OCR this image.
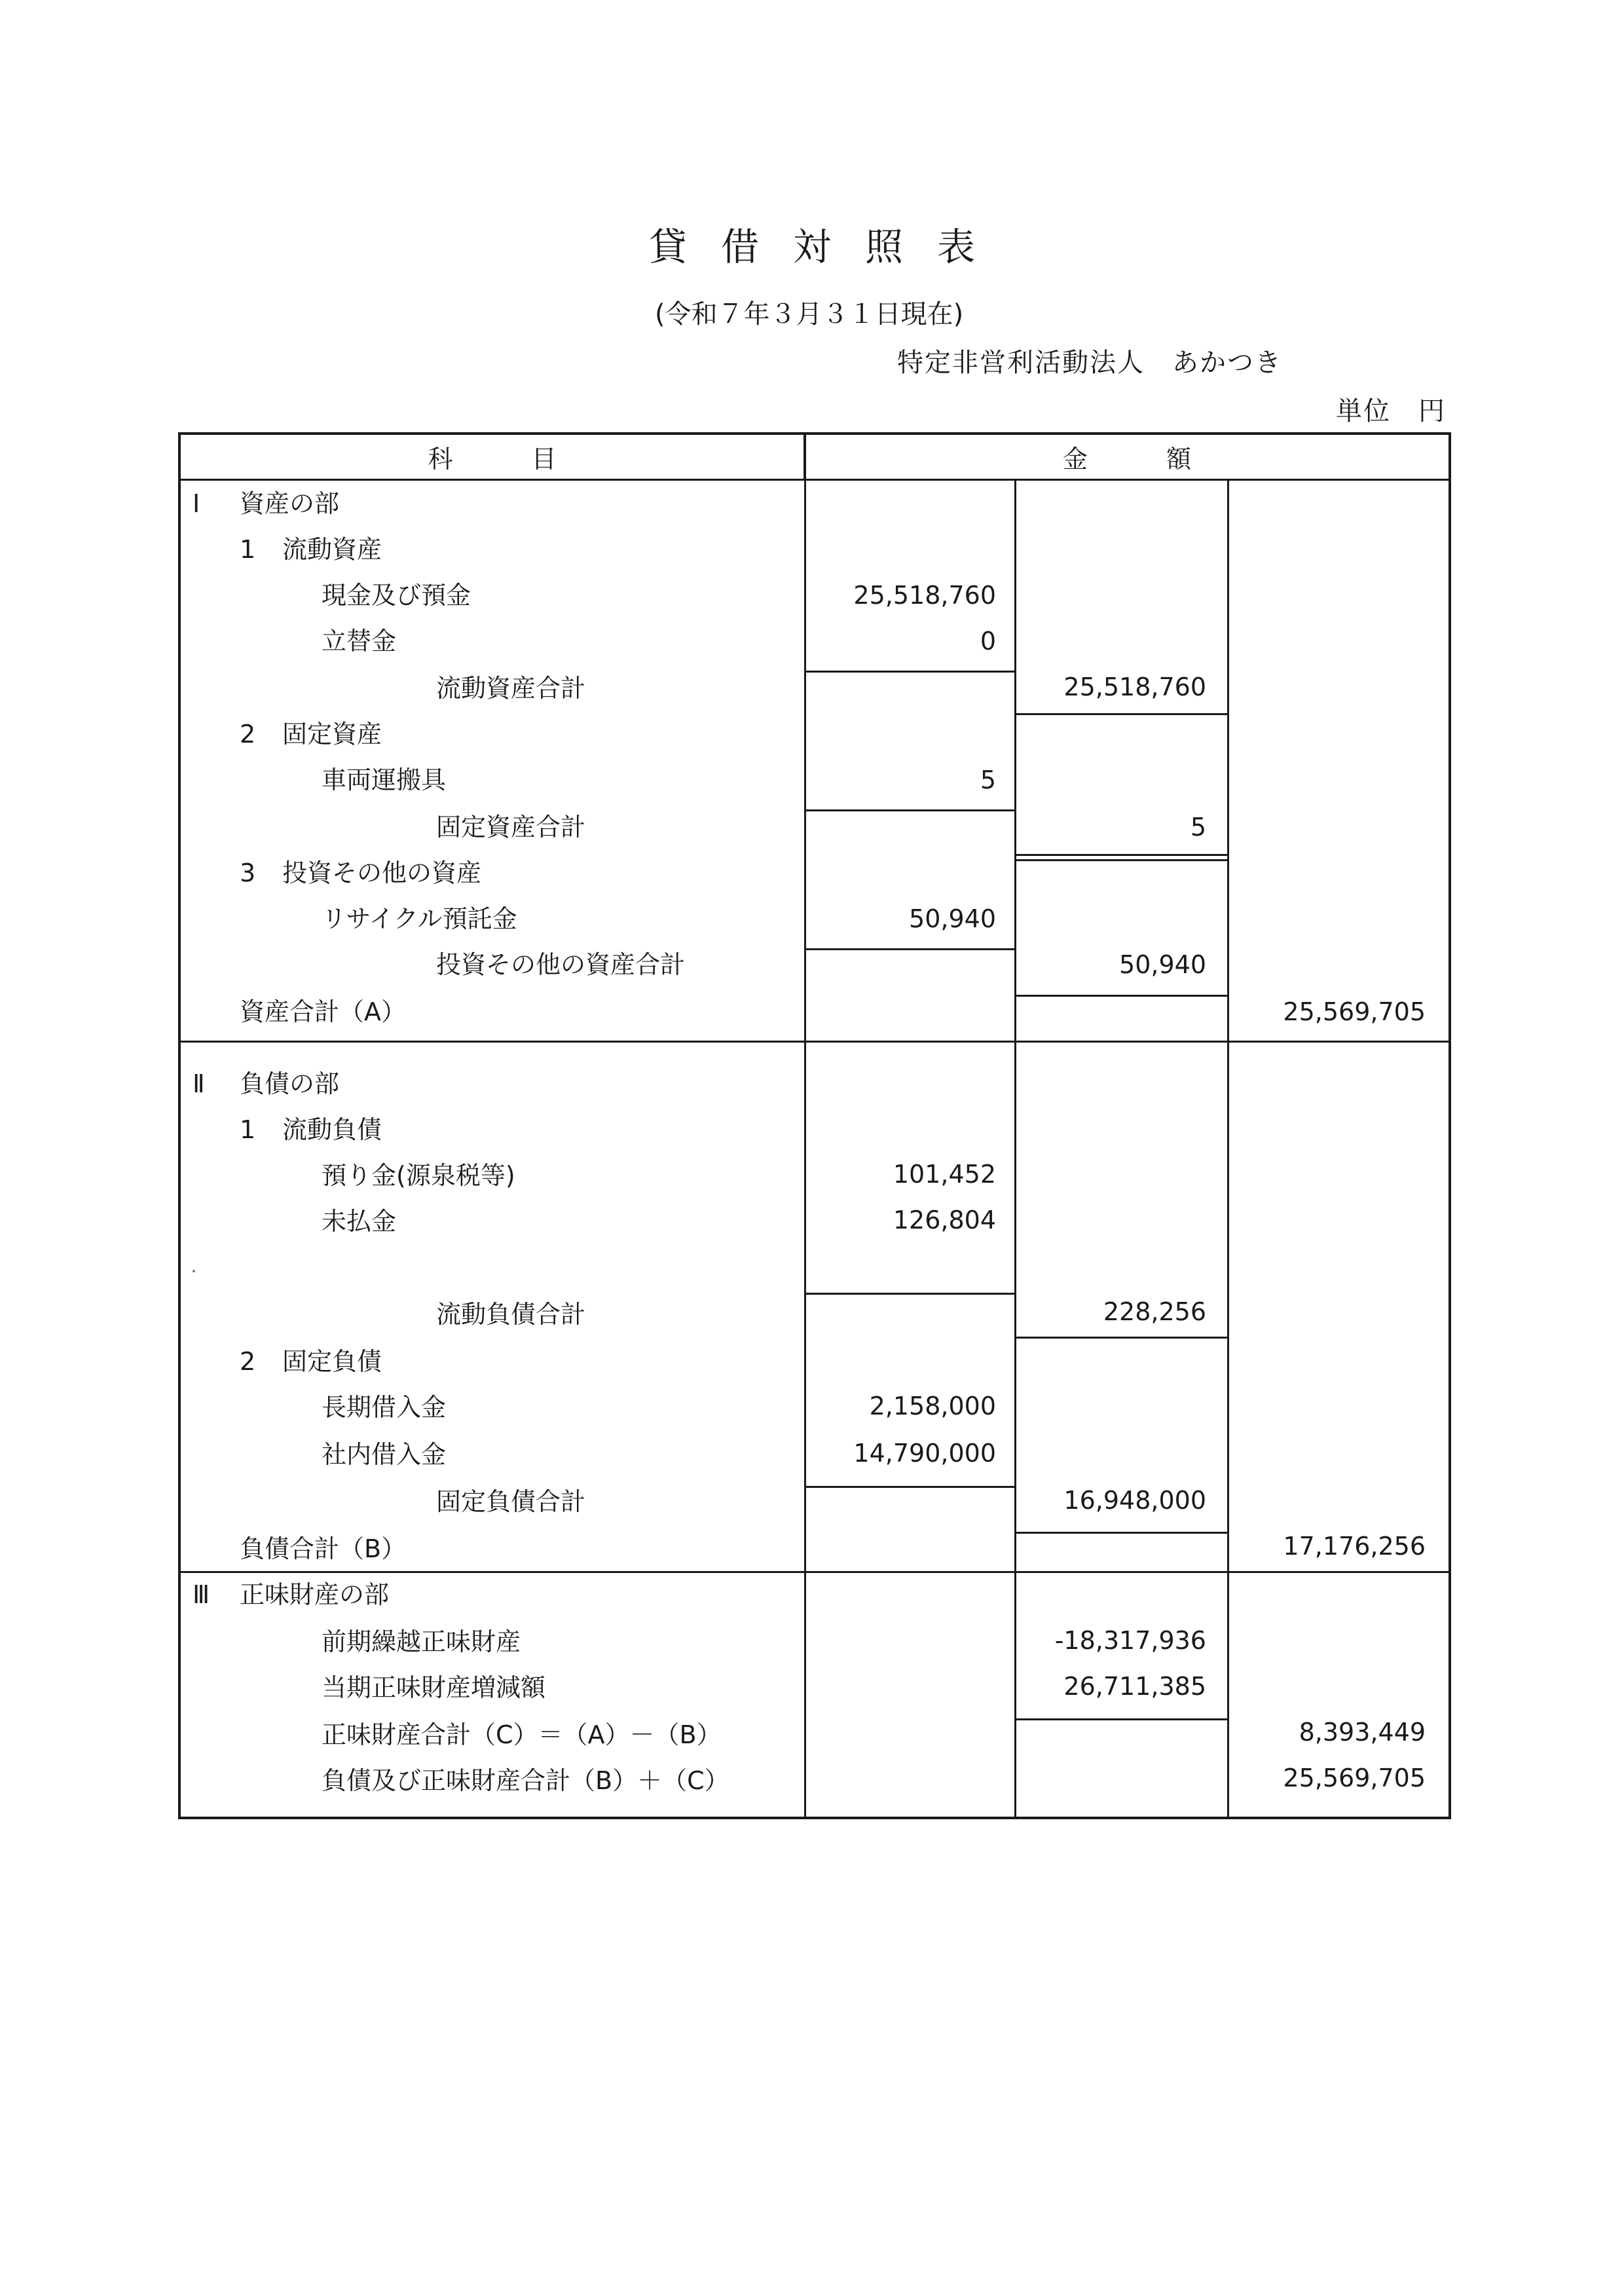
貸借対照表
(令和７年３月３１日現在)
特定非営利活動法人　あかつき
単位　円
科目	金額
Ⅰ 資産の部
1 流動資産
現金及び預金	25,518,760
立替金	0
流動資産合計	25,518,760
2 固定資産
車両運搬具	5
固定資産合計	5
3 投資その他の資産
リサイクル預託金	50,940
投資その他の資産合計	50,940
資産合計（A）	25,569,705
Ⅱ 負債の部
1 流動負債
預り金(源泉税等)	101,452
未払金	126,804
流動負債合計	228,256
2 固定負債
長期借入金	2,158,000
社内借入金	14,790,000
固定負債合計	16,948,000
負債合計（B）	17,176,256
Ⅲ 正味財産の部
前期繰越正味財産	-18,317,936
当期正味財産増減額	26,711,385
正味財産合計（C）＝（A）－（B）	8,393,449
負債及び正味財産合計（B）＋（C）	25,569,705
